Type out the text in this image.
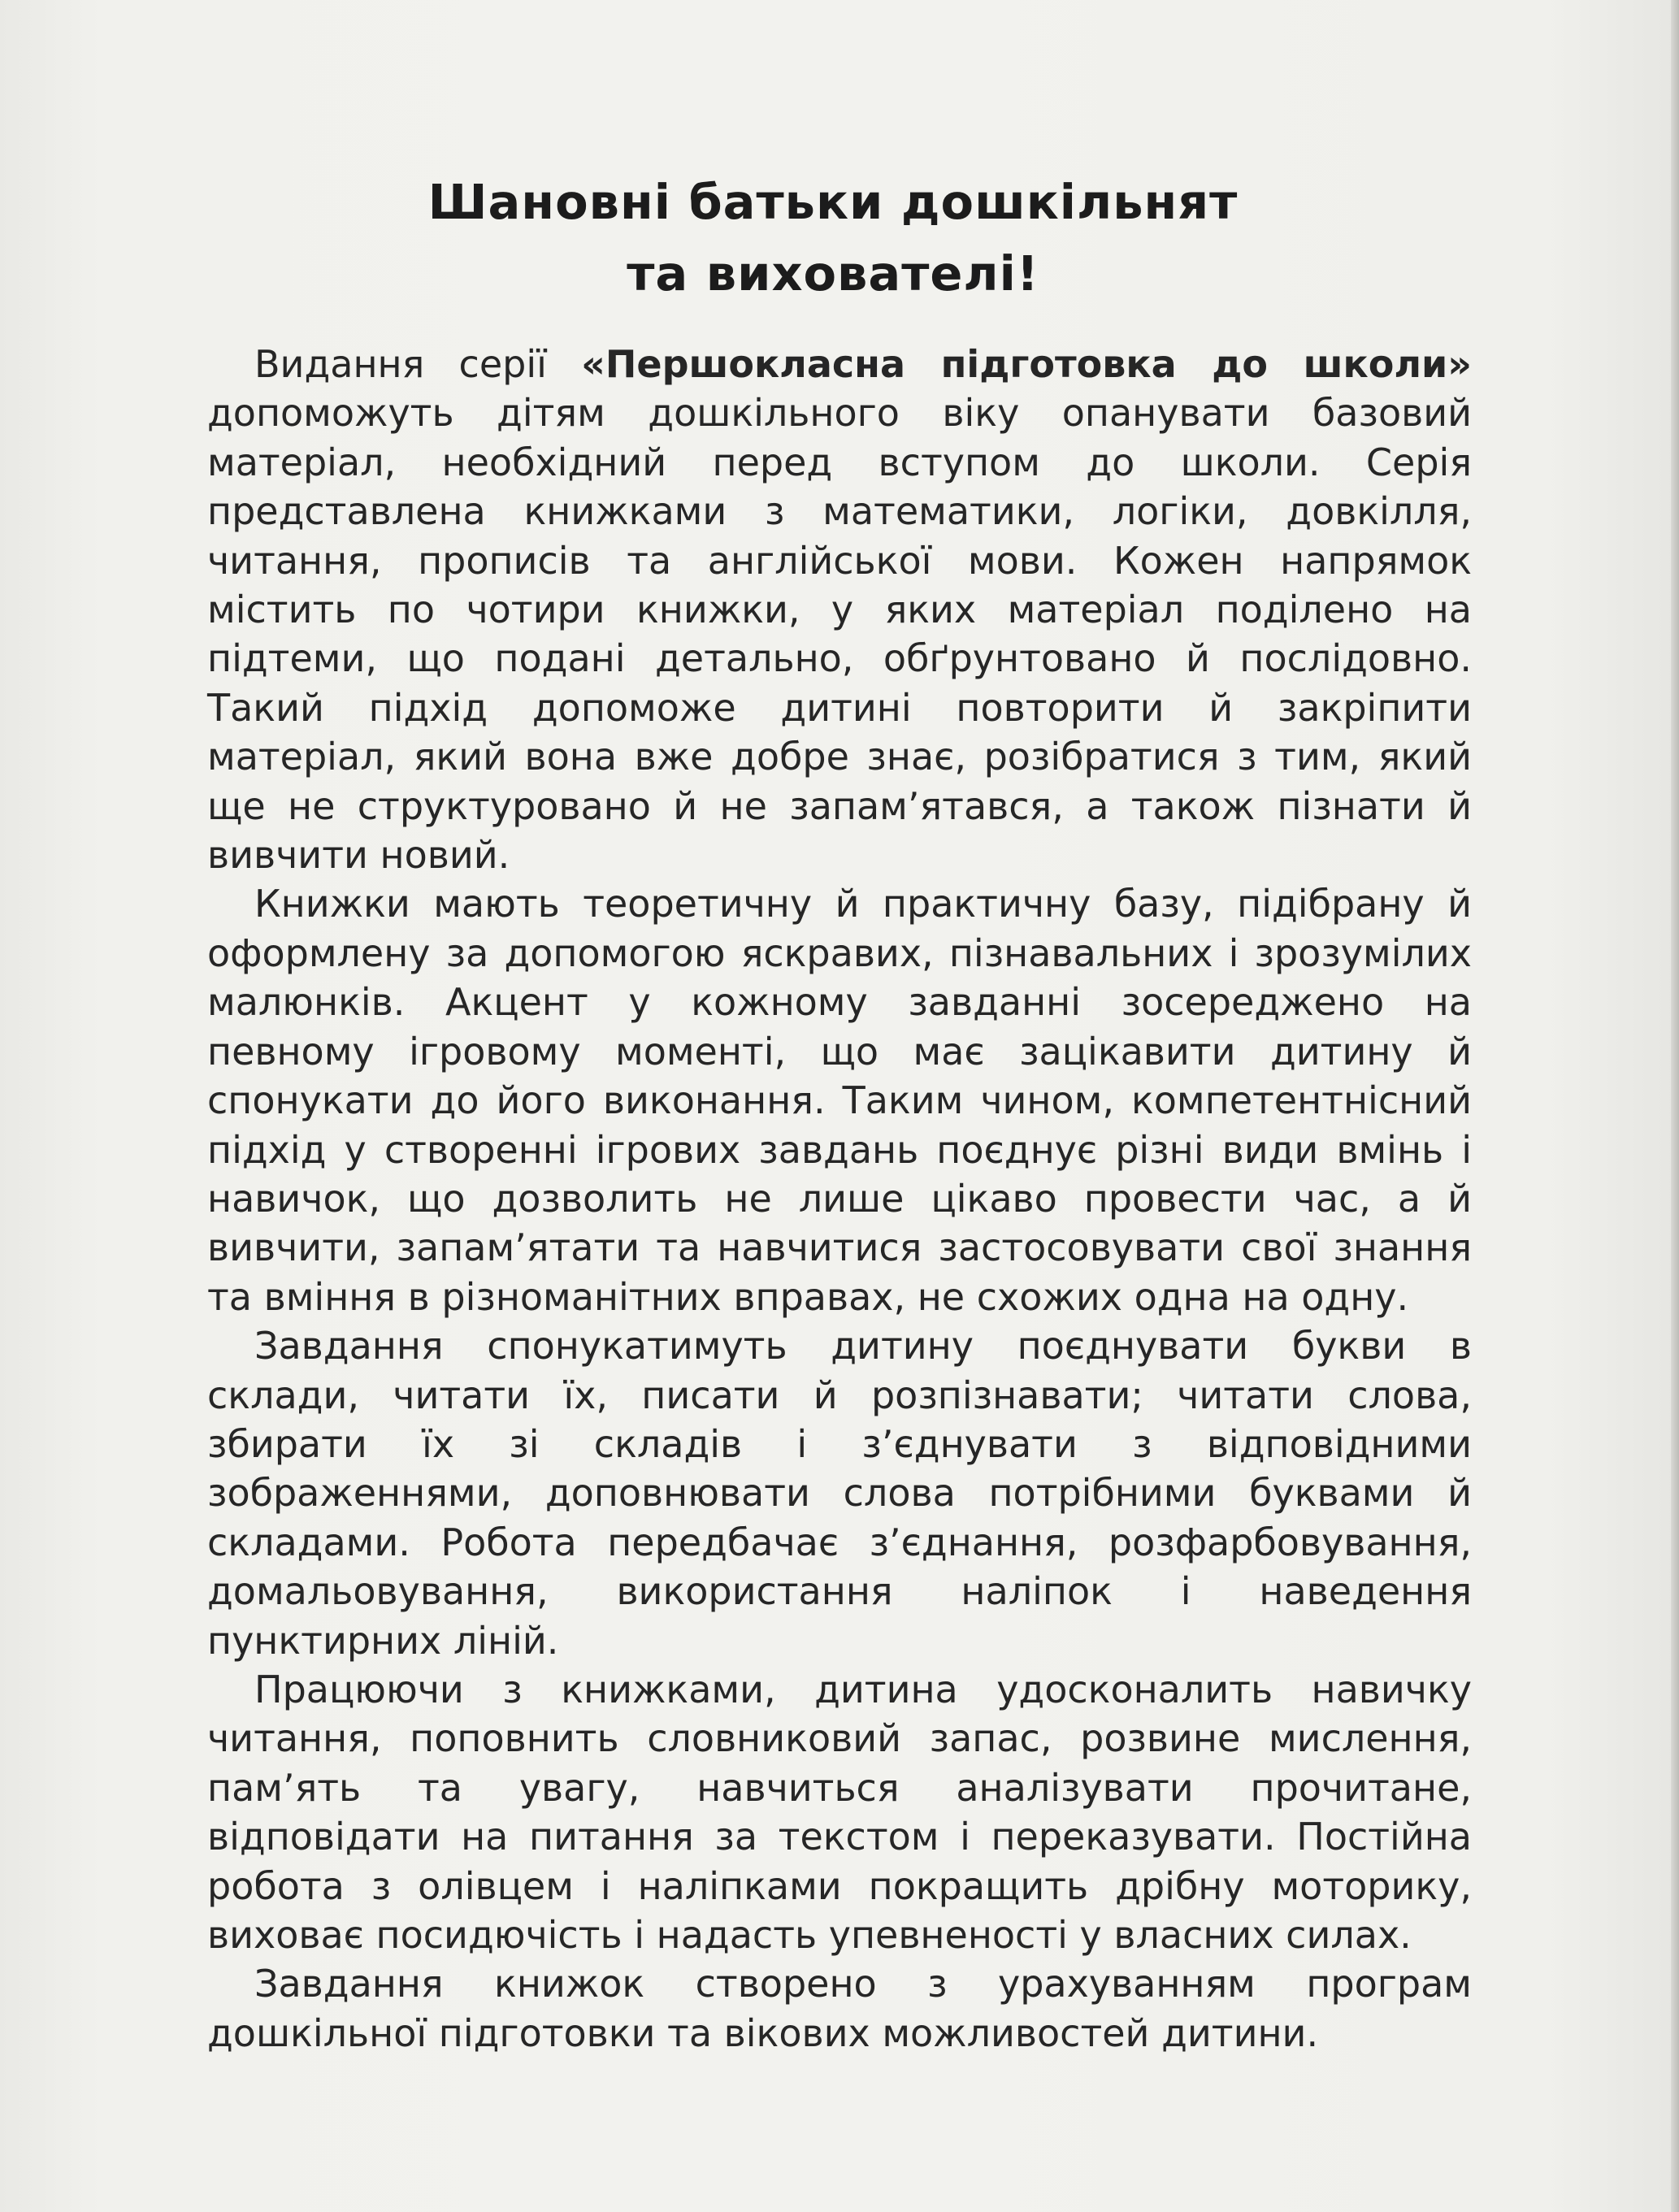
Шановні батьки дошкільнят
та вихователі!

Видання серії «Першокласна підготовка до школи» допоможуть дітям дошкільного віку опанувати базовий матеріал, необхідний перед вступом до школи. Серія представлена книжками з математики, логіки, довкілля, читання, прописів та англійської мови. Кожен напрямок містить по чотири книжки, у яких матеріал поділено на підтеми, що подані детально, обґрунтовано й послідовно. Такий підхід допоможе дитині повторити й закріпити матеріал, який вона вже добре знає, розібратися з тим, який ще не структуровано й не запам’ятався, а також пізнати й вивчити новий.

Книжки мають теоретичну й практичну базу, підібрану й оформлену за допомогою яскравих, пізнавальних і зрозумілих малюнків. Акцент у кожному завданні зосереджено на певному ігровому моменті, що має зацікавити дитину й спонукати до його виконання. Таким чином, компетентнісний підхід у створенні ігрових завдань поєднує різні види вмінь і навичок, що дозволить не лише цікаво провести час, а й вивчити, запам’ятати та навчитися застосовувати свої знання та вміння в різноманітних вправах, не схожих одна на одну.

Завдання спонукатимуть дитину поєднувати букви в склади, читати їх, писати й розпізнавати; читати слова, збирати їх зі складів і з’єднувати з відповідними зображеннями, доповнювати слова потрібними буквами й складами. Робота передбачає з’єднання, розфарбовування, домальовування, використання наліпок і наведення пунктирних ліній.

Працюючи з книжками, дитина удосконалить навичку читання, поповнить словниковий запас, розвине мислення, пам’ять та увагу, навчиться аналізувати прочитане, відповідати на питання за текстом і переказувати. Постійна робота з олівцем і наліпками покращить дрібну моторику, виховає посидючість і надасть упевненості у власних силах.

Завдання книжок створено з урахуванням програм дошкільної підготовки та вікових можливостей дитини.
